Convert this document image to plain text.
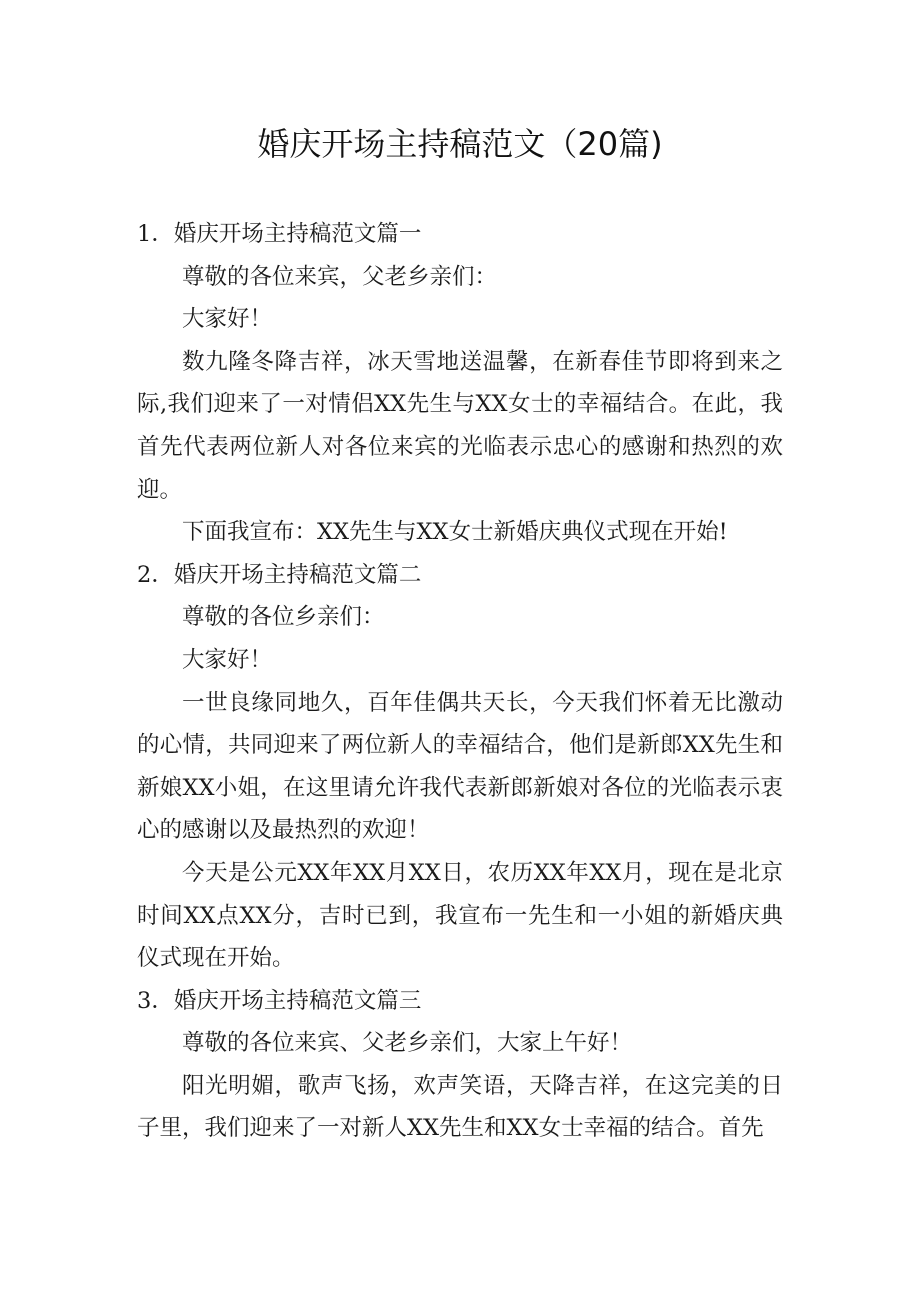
婚庆开场主持稿范文（20篇)

1．婚庆开场主持稿范文篇一

尊敬的各位来宾，父老乡亲们：

大家好！

数九隆冬降吉祥，冰天雪地送温馨，在新春佳节即将到来之际,我们迎来了一对情侣XX先生与XX女士的幸福结合。在此，我首先代表两位新人对各位来宾的光临表示忠心的感谢和热烈的欢迎。

下面我宣布：XX先生与XX女士新婚庆典仪式现在开始!

2．婚庆开场主持稿范文篇二

尊敬的各位乡亲们：

大家好！

一世良缘同地久，百年佳偶共天长，今天我们怀着无比激动的心情，共同迎来了两位新人的幸福结合，他们是新郎XX先生和新娘XX小姐，在这里请允许我代表新郎新娘对各位的光临表示衷心的感谢以及最热烈的欢迎！

今天是公元XX年XX月XX日，农历XX年XX月，现在是北京时间XX点XX分，吉时已到，我宣布一先生和一小姐的新婚庆典仪式现在开始。

3．婚庆开场主持稿范文篇三

尊敬的各位来宾、父老乡亲们，大家上午好！

阳光明媚，歌声飞扬，欢声笑语，天降吉祥，在这完美的日子里，我们迎来了一对新人XX先生和XX女士幸福的结合。首先
